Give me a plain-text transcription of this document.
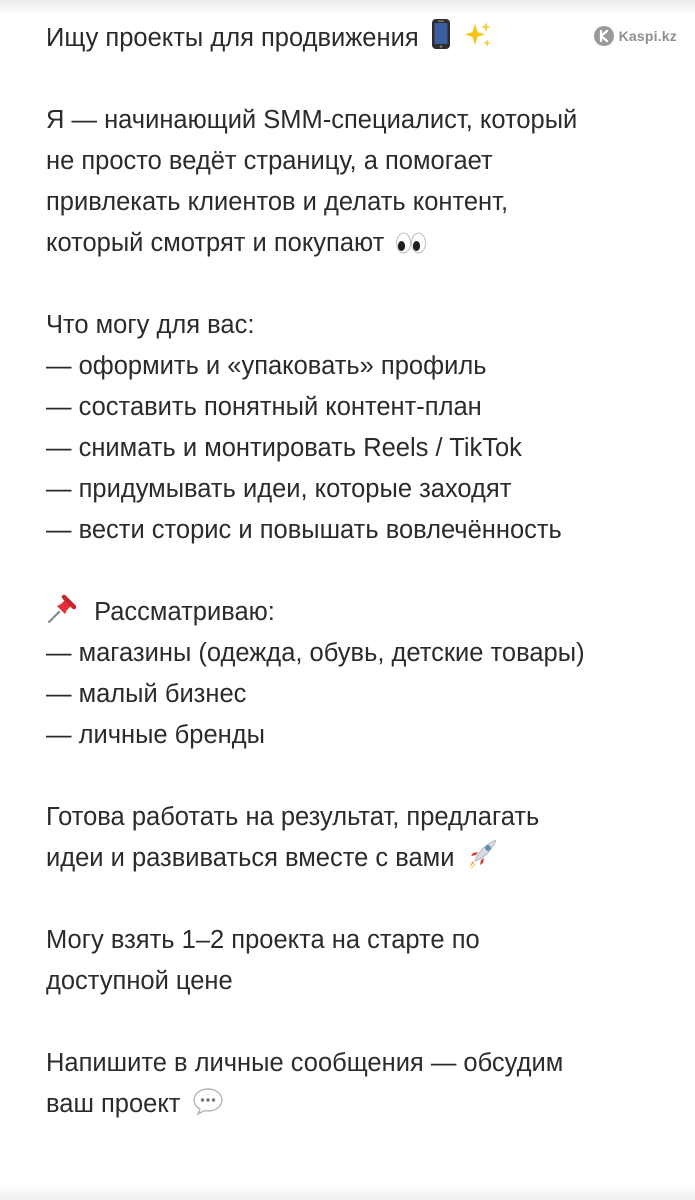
Kaspi.kz
Ищу проекты для продвижения
Я — начинающий SMM-специалист, который
не просто ведёт страницу, а помогает
привлекать клиентов и делать контент,
который смотрят и покупают
Что могу для вас:
— оформить и «упаковать» профиль
— составить понятный контент-план
— снимать и монтировать Reels / TikTok
— придумывать идеи, которые заходят
— вести сторис и повышать вовлечённость
Рассматриваю:
— магазины (одежда, обувь, детские товары)
— малый бизнес
— личные бренды
Готова работать на результат, предлагать
идеи и развиваться вместе с вами
Могу взять 1–2 проекта на старте по
доступной цене
Напишите в личные сообщения — обсудим
ваш проект
